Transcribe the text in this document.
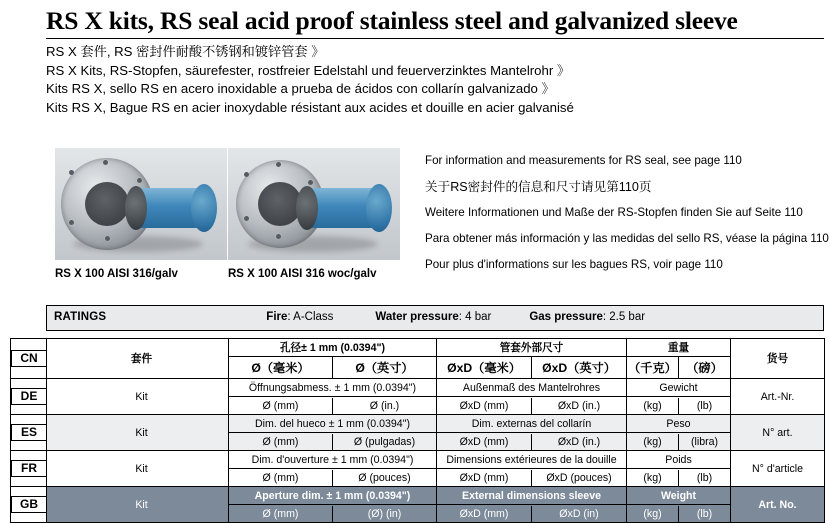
RS X kits, RS seal acid proof stainless steel and galvanized sleeve
RS X 套件, RS 密封件耐酸不锈钢和镀锌管套 》
RS X Kits, RS-Stopfen, säurefester, rostfreier Edelstahl und feuerverzinktes Mantelrohr 》
Kits RS X, sello RS en acero inoxidable a prueba de ácidos con collarín galvanizado 》
Kits RS X, Bague RS en acier inoxydable résistant aux acides et douille en acier galvanisé
RS X 100 AISI 316/galv	RS X 100 AISI 316 woc/galv
For information and measurements for RS seal, see page 110
关于RS密封件的信息和尺寸请见第110页
Weitere Informationen und Maße der RS-Stopfen finden Sie auf Seite 110
Para obtener más información y las medidas del sello RS, véase la página 110
Pour plus d'informations sur les bagues RS, voir page 110
RATINGS	Fire: A-Class	Water pressure: 4 bar	Gas pressure: 2.5 bar
CN	套件	孔径± 1 mm (0.0394")	管套外部尺寸	重量	货号

Ø（毫米）	Ø（英寸）	ØxD（毫米）	ØxD（英寸）	（千克） （磅）

DE	Kit	Öffnungsabmess. ± 1 mm (0.0394")	Außenmaß des Mantelrohres	Gewicht	Art.-Nr.

Ø (mm)	Ø (in.)	ØxD (mm)	ØxD (in.)	(kg)	(lb)

ES	Kit	Dim. del hueco ± 1 mm (0.0394")	Dim. externas del collarín	Peso	N° art.

Ø (mm)	Ø (pulgadas)	ØxD (mm)	ØxD (in.)	(kg)	(libra)

FR	Kit	Dim. d'ouverture ± 1 mm (0.0394")	Dimensions extérieures de la douille	Poids	N° d'article

Ø (mm)	Ø (pouces)	ØxD (mm)	ØxD (pouces)	(kg)	(lb)

GB	Kit	Aperture dim. ± 1 mm (0.0394")	External dimensions sleeve	Weight	Art. No.

Ø (mm)	(Ø) (in)	ØxD (mm)	ØxD (in)	(kg)	(lb)
